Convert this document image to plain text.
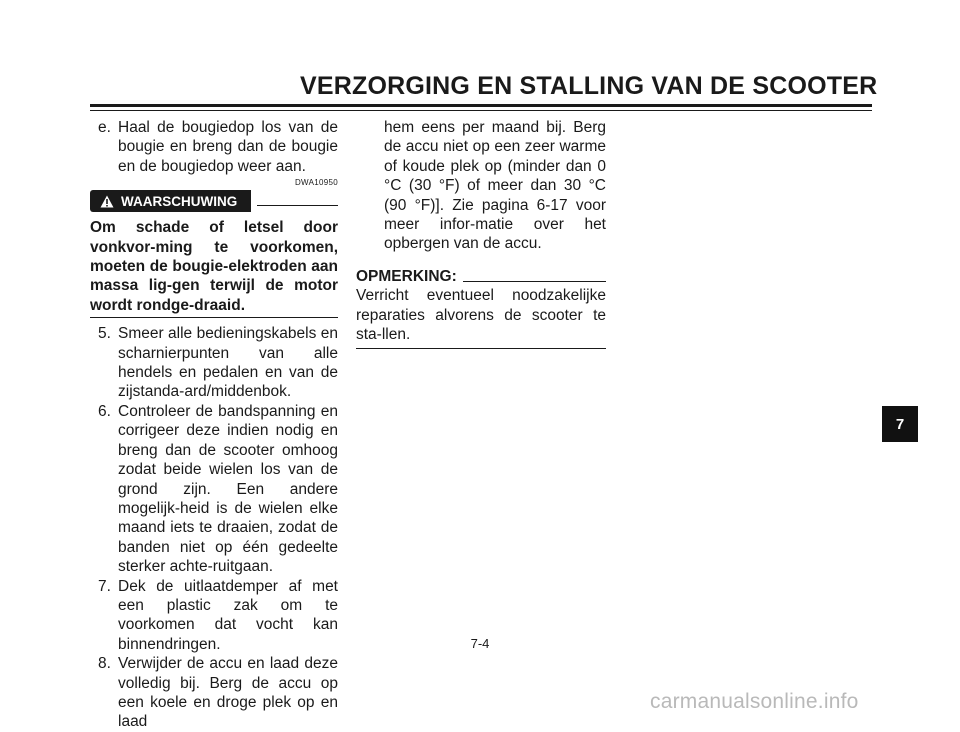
VERZORGING EN STALLING VAN DE SCOOTER
e. Haal de bougiedop los van de bougie en breng dan de bougie en de bougiedop weer aan.

DWA10950
WAARSCHUWING
Om schade of letsel door vonkvor-ming te voorkomen, moeten de bougie-elektroden aan massa lig-gen terwijl de motor wordt rondge-draaid.
5. Smeer alle bedieningskabels en scharnierpunten van alle hendels en pedalen en van de zijstanda-ard/middenbok.

6. Controleer de bandspanning en corrigeer deze indien nodig en breng dan de scooter omhoog zodat beide wielen los van de grond zijn. Een andere mogelijk-heid is de wielen elke maand iets te draaien, zodat de banden niet op één gedeelte sterker achte-ruitgaan.

7. Dek de uitlaatdemper af met een plastic zak om te voorkomen dat vocht kan binnendringen.

8. Verwijder de accu en laad deze volledig bij. Berg de accu op een koele en droge plek op en laad

hem eens per maand bij. Berg de accu niet op een zeer warme of koude plek op (minder dan 0 °C (30 °F) of meer dan 30 °C (90 °F)]. Zie pagina 6-17 voor meer infor-matie over het opbergen van de accu.

OPMERKING:

Verricht eventueel noodzakelijke reparaties alvorens de scooter te sta-llen.

7-4
7
carmanualsonline.info
